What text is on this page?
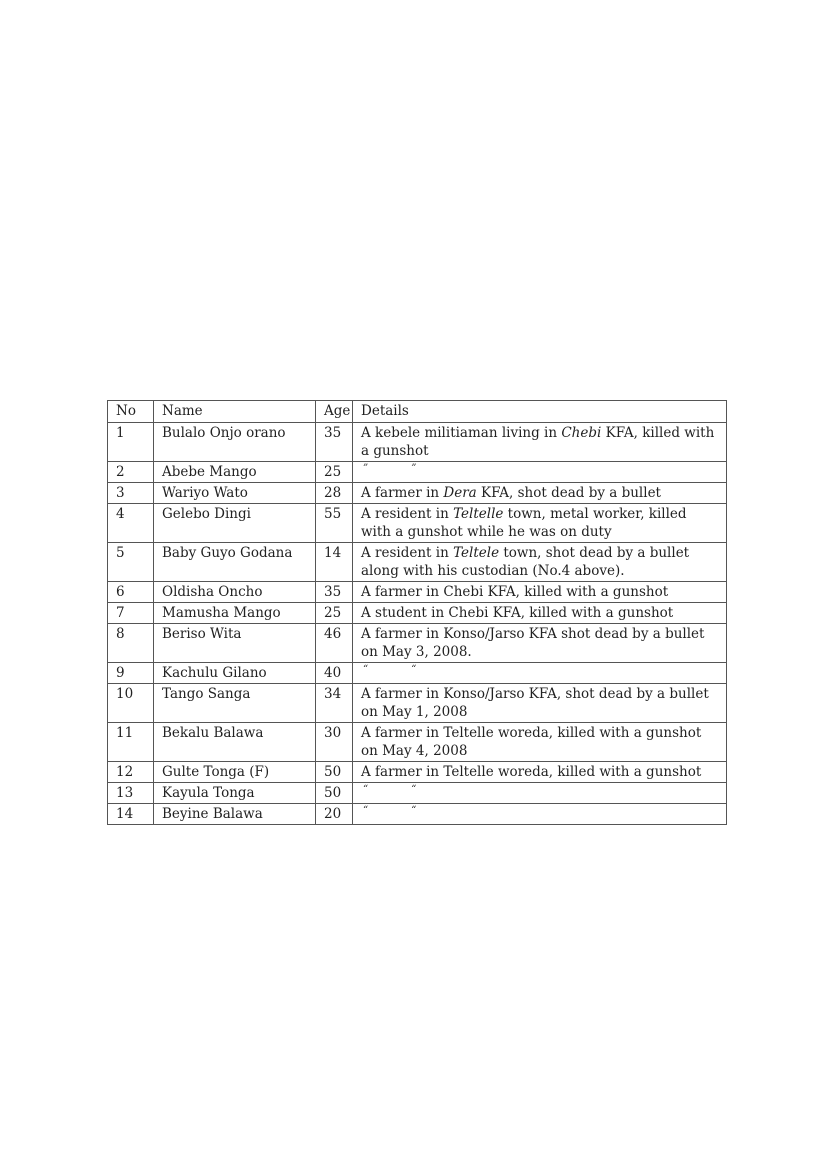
No	Name	Age	Details
1	Bulalo Onjo orano	35	A kebele militiaman living in Chebi KFA, killed with a gunshot
2	Abebe Mango	25	” ”
3	Wariyo Wato	28	A farmer in Dera KFA, shot dead by a bullet
4	Gelebo Dingi	55	A resident in Teltelle town, metal worker, killed with a gunshot while he was on duty
5	Baby Guyo Godana	14	A resident in Teltele town, shot dead by a bullet along with his custodian (No.4 above).
6	Oldisha Oncho	35	A farmer in Chebi KFA, killed with a gunshot
7	Mamusha Mango	25	A student in Chebi KFA, killed with a gunshot
8	Beriso Wita	46	A farmer in Konso/Jarso KFA shot dead by a bullet on May 3, 2008.
9	Kachulu Gilano	40	“ “
10	Tango Sanga	34	A farmer in Konso/Jarso KFA, shot dead by a bullet on May 1, 2008
11	Bekalu Balawa	30	A farmer in Teltelle woreda, killed with a gunshot on May 4, 2008
12	Gulte Tonga (F)	50	A farmer in Teltelle woreda, killed with a gunshot
13	Kayula Tonga	50	“ “
14	Beyine Balawa	20	“ “
